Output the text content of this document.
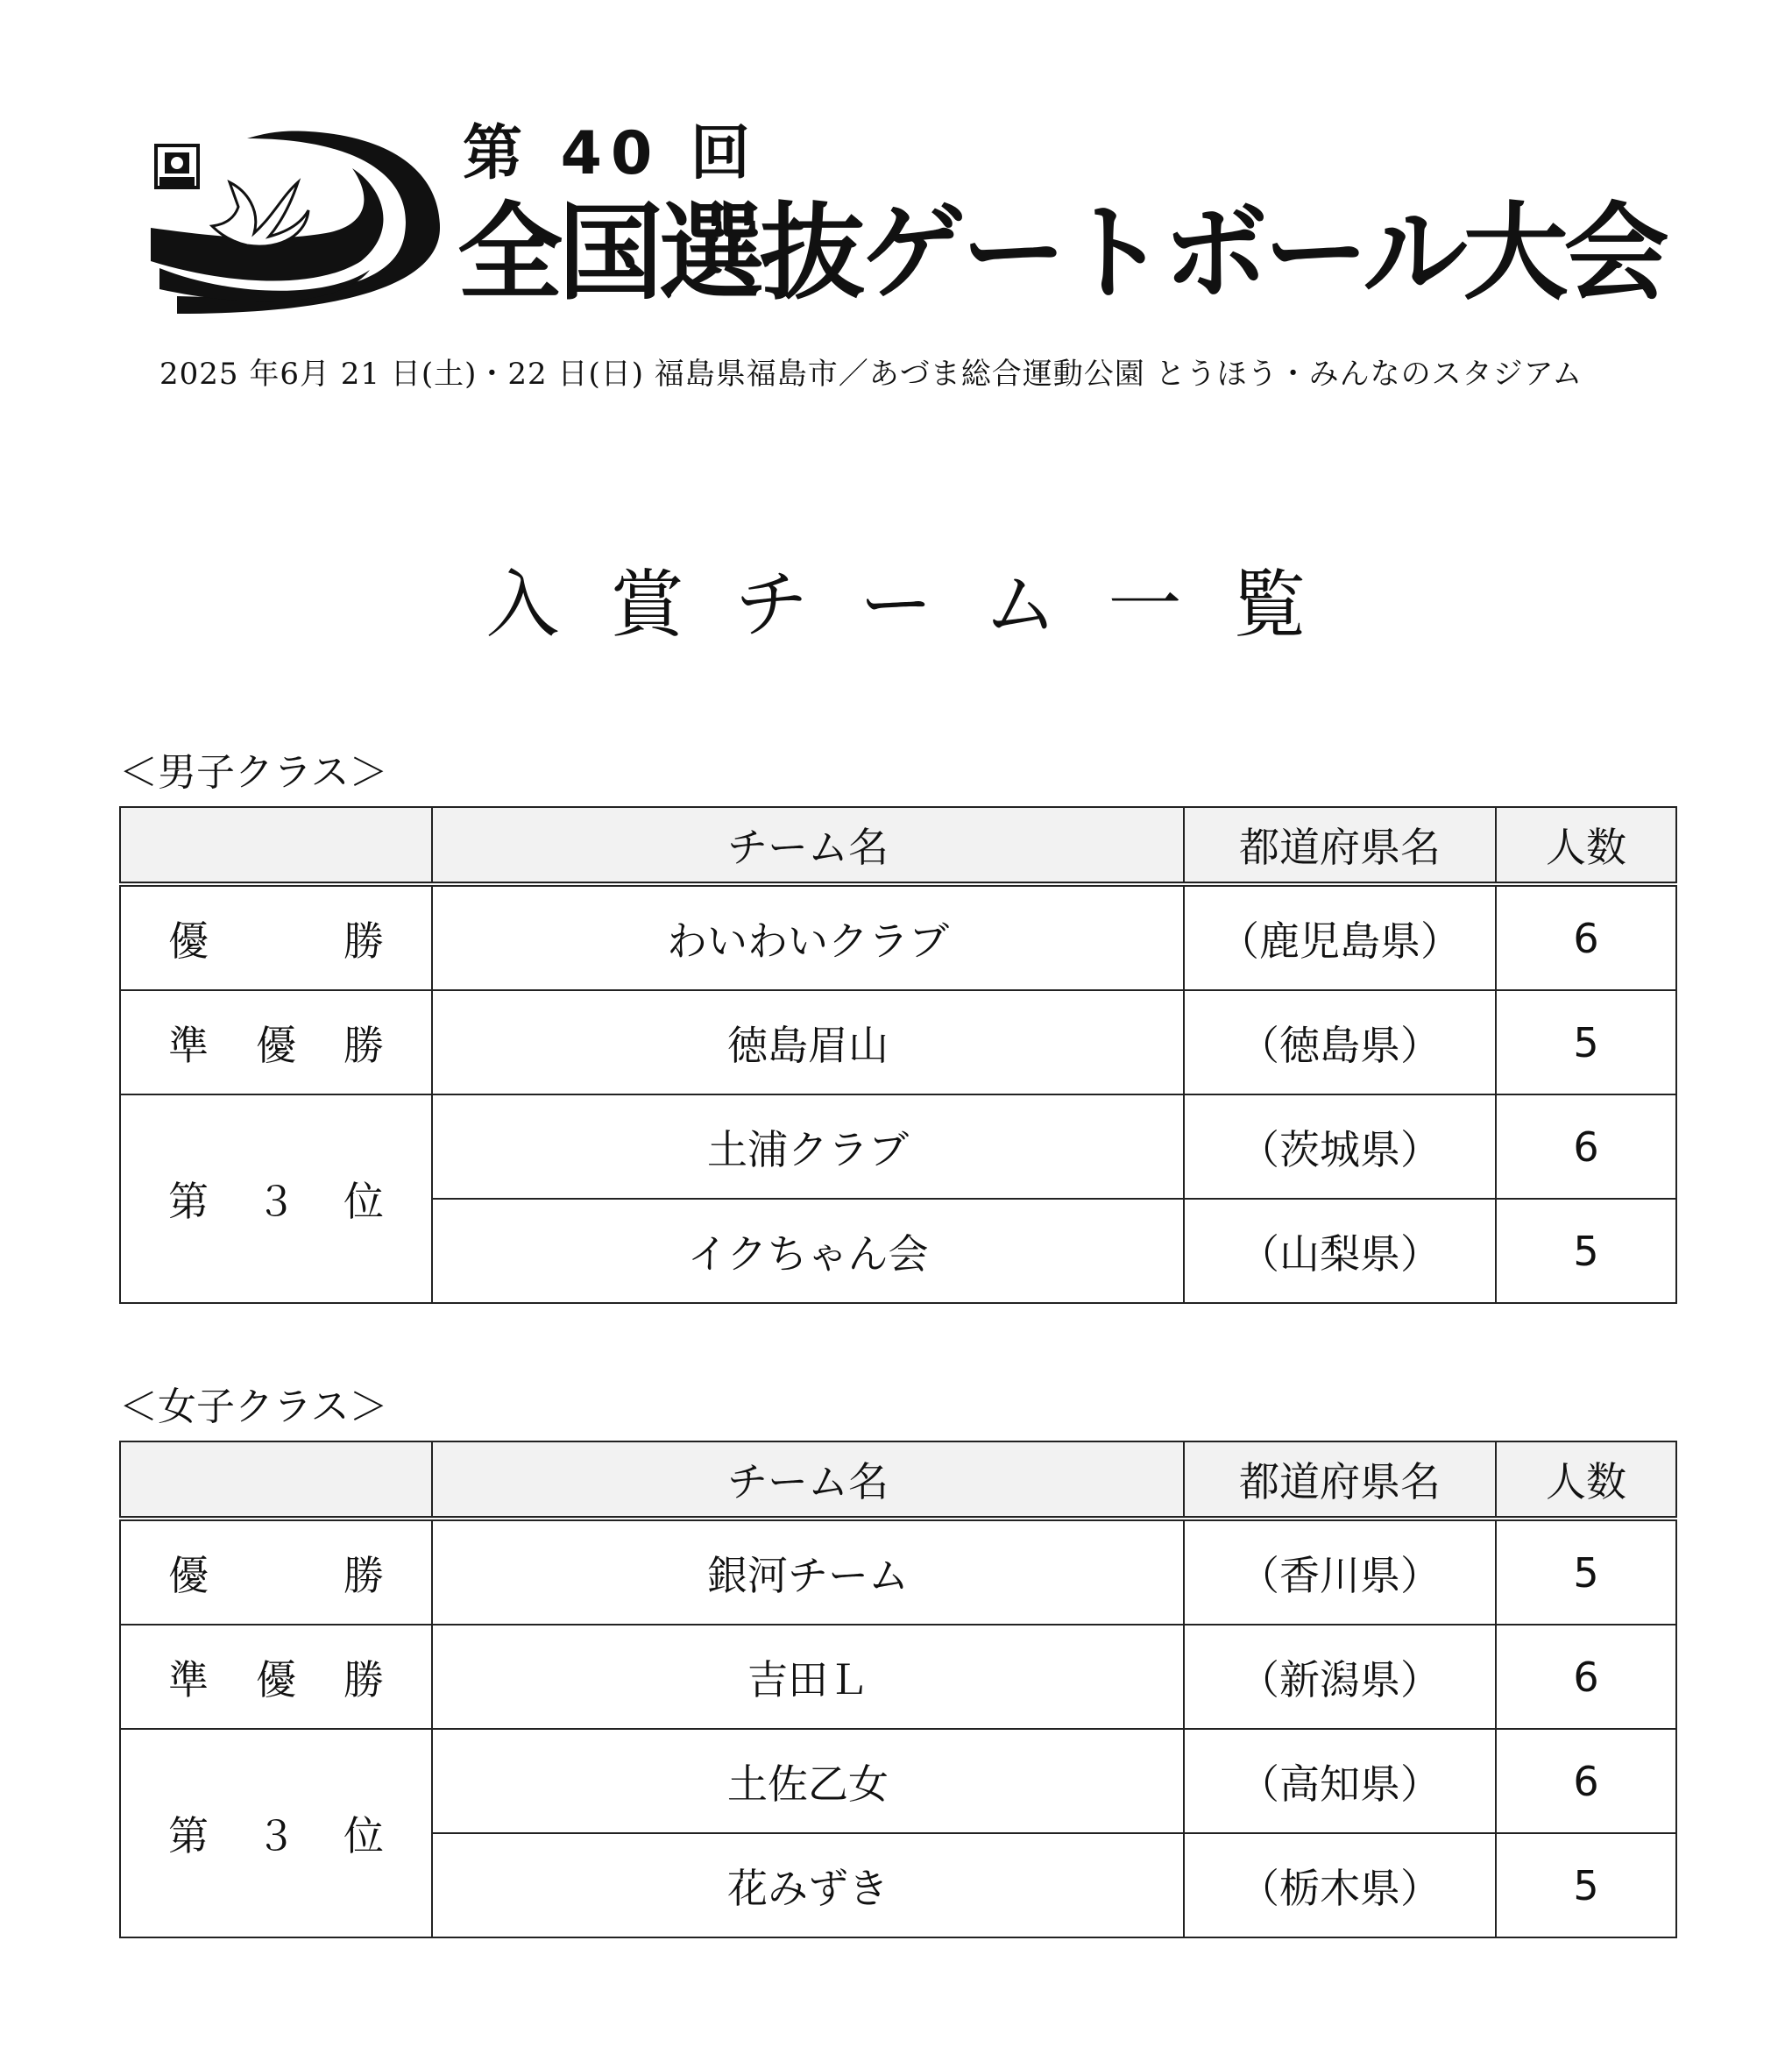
第 40 回
全国選抜ゲートボール大会
2025 年6月 21 日(土)・22 日(日) 福島県福島市／あづま総合運動公園 とうほう・みんなのスタジアム
入賞チーム一覧
＜男子クラス＞
	チーム名	都道府県名	人数

優 勝	わいわいクラブ	（鹿児島県）	6

準 優 勝	徳島眉山	（徳島県）	5

第 ３ 位	土浦クラブ	（茨城県）	6
	イクちゃん会	（山梨県）	5
＜女子クラス＞
	チーム名	都道府県名	人数

優 勝	銀河チーム	（香川県）	5

準 優 勝	吉田Ｌ	（新潟県）	6

第 ３ 位	土佐乙女	（高知県）	6
	花みずき	（栃木県）	5
